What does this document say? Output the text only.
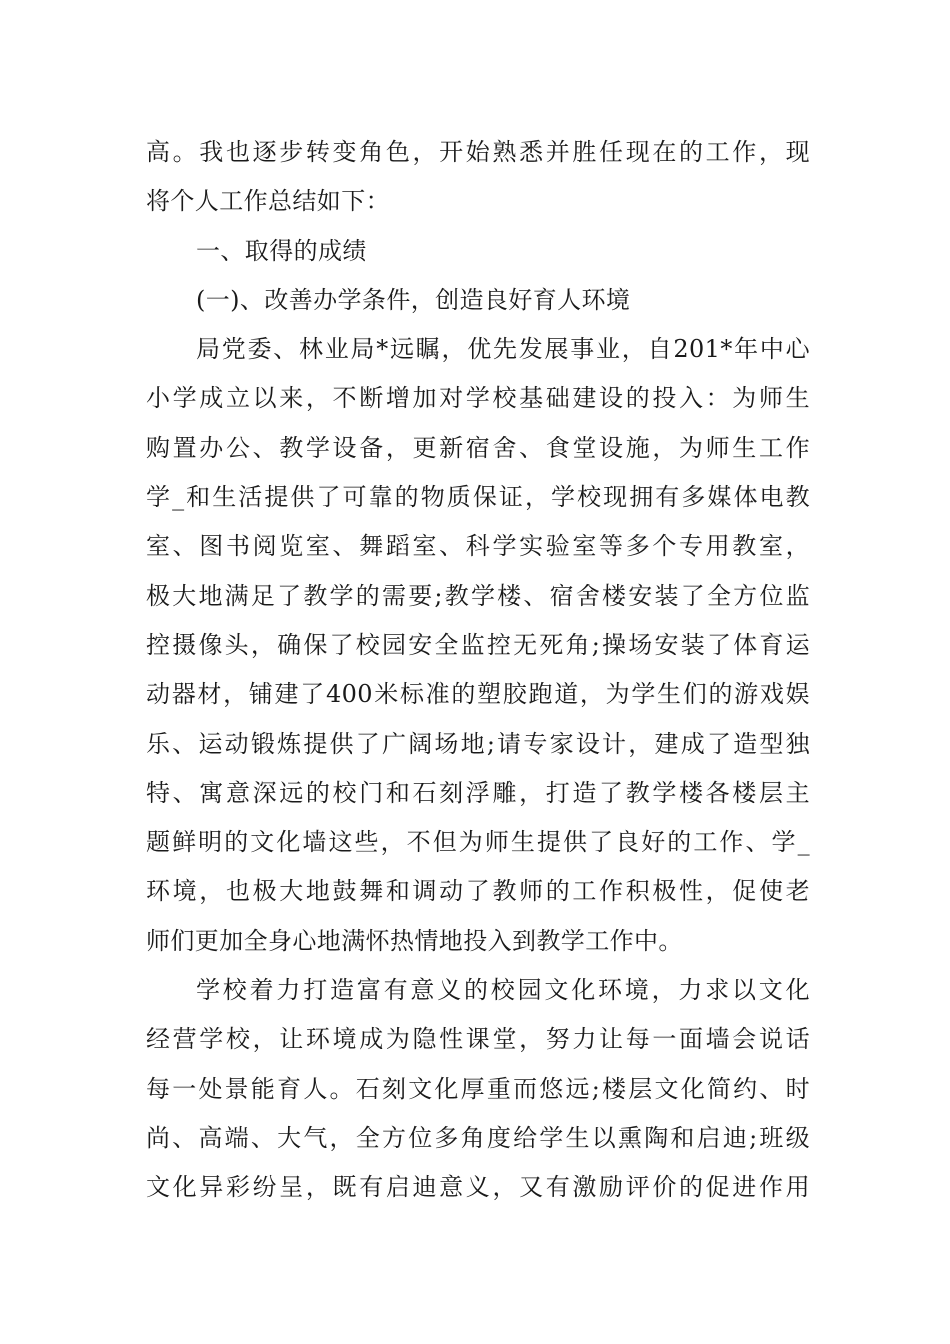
高。我也逐步转变角色，开始熟悉并胜任现在的工作，现
将个人工作总结如下：
一、取得的成绩
(一)、改善办学条件，创造良好育人环境
局党委、林业局*远瞩，优先发展事业，自201*年中心
小学成立以来，不断增加对学校基础建设的投入：为师生
购置办公、教学设备，更新宿舍、食堂设施，为师生工作
学_和生活提供了可靠的物质保证，学校现拥有多媒体电教
室、图书阅览室、舞蹈室、科学实验室等多个专用教室，
极大地满足了教学的需要;教学楼、宿舍楼安装了全方位监
控摄像头，确保了校园安全监控无死角;操场安装了体育运
动器材，铺建了400米标准的塑胶跑道，为学生们的游戏娱
乐、运动锻炼提供了广阔场地;请专家设计，建成了造型独
特、寓意深远的校门和石刻浮雕，打造了教学楼各楼层主
题鲜明的文化墙这些，不但为师生提供了良好的工作、学_
环境，也极大地鼓舞和调动了教师的工作积极性，促使老
师们更加全身心地满怀热情地投入到教学工作中。
学校着力打造富有意义的校园文化环境，力求以文化
经营学校，让环境成为隐性课堂，努力让每一面墙会说话
每一处景能育人。石刻文化厚重而悠远;楼层文化简约、时
尚、高端、大气，全方位多角度给学生以熏陶和启迪;班级
文化异彩纷呈，既有启迪意义，又有激励评价的促进作用
